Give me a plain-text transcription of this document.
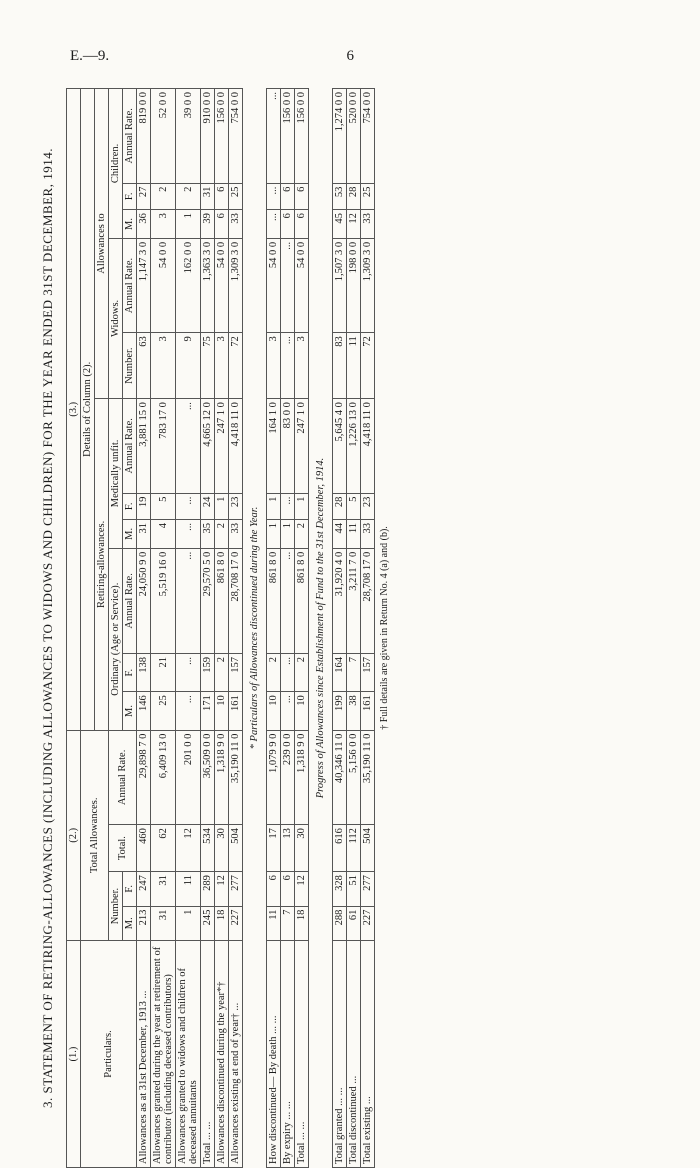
E.—9.	6
3. STATEMENT OF RETIRING-ALLOWANCES (INCLUDING ALLOWANCES TO WIDOWS AND CHILDREN) FOR THE YEAR ENDED 31ST DECEMBER, 1914. (1.)	(2.)				(3.)										
Particulars.	Total Allowances.				Details of Column (2).										
					Retiring-allowances.						Allowances to				
	Number.		Total.	Annual Rate.	Ordinary (Age or Service).			Medically unfit.			Widows.		Children.		
	M.	F.			M.	F.	Annual Rate.	M.	F.	Annual Rate.	Number.	Annual Rate.	M.	F.	Annual Rate.
Allowances as at 31st December, 1913 ...	213	247	460	29,898 7 0	146	138	24,050 9 0	31	19	3,881 15 0	63	1,147 3 0	36	27	819 0 0
Allowances granted during the year at retirement of contributor (including deceased contributors)	31	31	62	6,409 13 0	25	21	5,519 16 0	4	5	783 17 0	3	54 0 0	3	2	52 0 0
Allowances granted to widows and children of deceased annuitants	1	11	12	201 0 0	...	...	...	...	...	...	9	162 0 0	1	2	39 0 0
Total ... ...	245	289	534	36,509 0 0	171	159	29,570 5 0	35	24	4,665 12 0	75	1,363 3 0	39	31	910 0 0
Allowances discontinued during the year*†	18	12	30	1,318 9 0	10	2	861 8 0	2	1	247 1 0	3	54 0 0	6	6	156 0 0
Allowances existing at end of year† ...	227	277	504	35,190 11 0	161	157	28,708 17 0	33	23	4,418 11 0	72	1,309 3 0	33	25	754 0 0
* Particulars of Allowances discontinued during the Year.															
How discontinued— By death ... ...	11	6	17	1,079 9 0	10	2	861 8 0	1	1	164 1 0	3	54 0 0	...	...	...
By expiry ... ...	7	6	13	239 0 0	...	...	...	1	...	83 0 0	...	...	6	6	156 0 0
Total ... ...	18	12	30	1,318 9 0	10	2	861 8 0	2	1	247 1 0	3	54 0 0	6	6	156 0 0
Progress of Allowances since Establishment of Fund to the 31st December, 1914.															
Total granted ... ...	288	328	616	40,346 11 0	199	164	31,920 4 0	44	28	5,645 4 0	83	1,507 3 0	45	53	1,274 0 0
Total discontinued ...	61	51	112	5,156 0 0	38	7	3,211 7 0	11	5	1,226 13 0	11	198 0 0	12	28	520 0 0
Total existing ...	227	277	504	35,190 11 0	161	157	28,708 17 0	33	23	4,418 11 0	72	1,309 3 0	33	25	754 0 0
† Full details are given in Return No. 4 (a) and (b).
